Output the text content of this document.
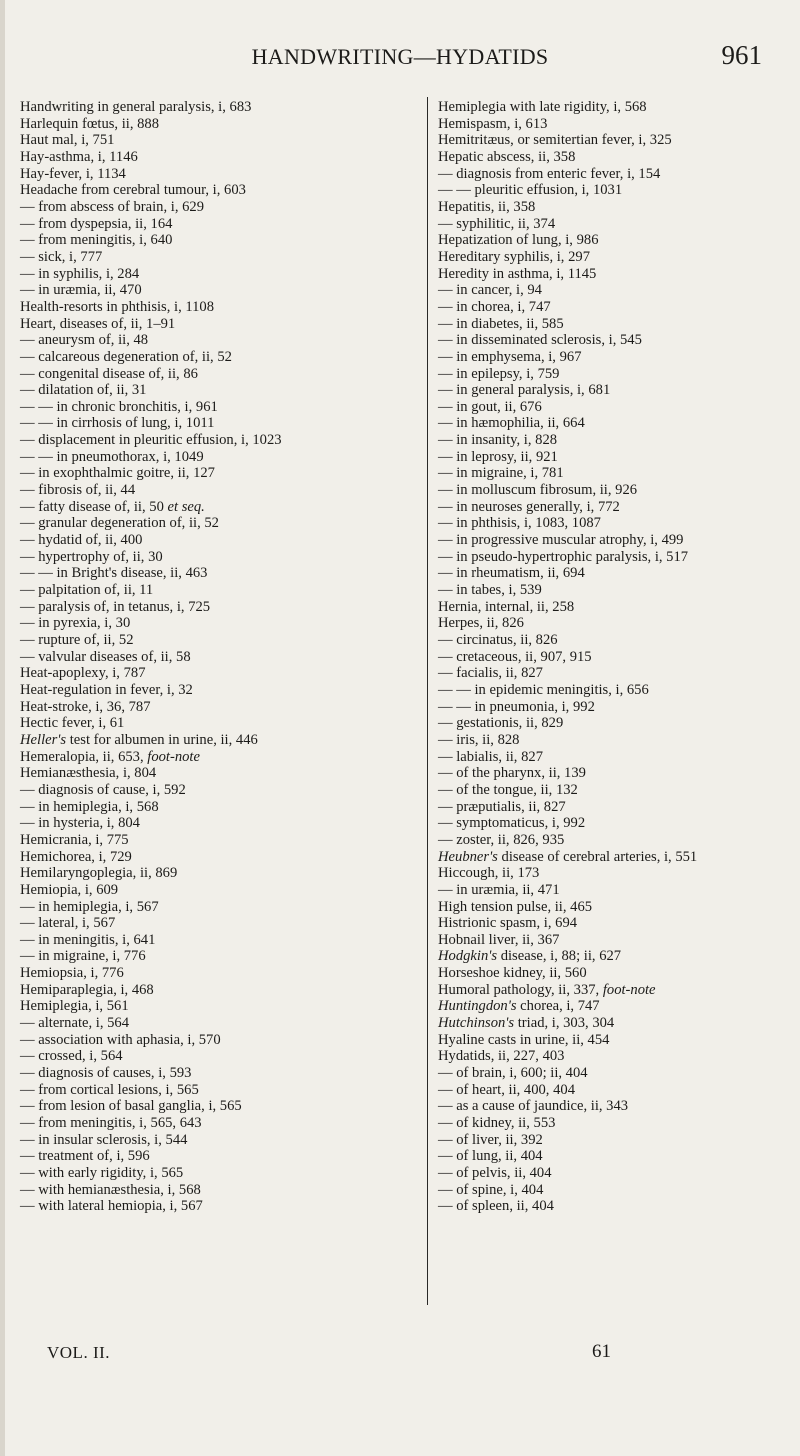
HANDWRITING—HYDATIDS	961
Handwriting in general paralysis, i, 683
Harlequin fœtus, ii, 888
Haut mal, i, 751
Hay-asthma, i, 1146
Hay-fever, i, 1134
Headache from cerebral tumour, i, 603
— from abscess of brain, i, 629
— from dyspepsia, ii, 164
— from meningitis, i, 640
— sick, i, 777
— in syphilis, i, 284
— in uræmia, ii, 470
Health-resorts in phthisis, i, 1108
Heart, diseases of, ii, 1–91
— aneurysm of, ii, 48
— calcareous degeneration of, ii, 52
— congenital disease of, ii, 86
— dilatation of, ii, 31
— — in chronic bronchitis, i, 961
— — in cirrhosis of lung, i, 1011
— displacement in pleuritic effusion, i, 1023
— — in pneumothorax, i, 1049
— in exophthalmic goitre, ii, 127
— fibrosis of, ii, 44
— fatty disease of, ii, 50 et seq.
— granular degeneration of, ii, 52
— hydatid of, ii, 400
— hypertrophy of, ii, 30
— — in Bright's disease, ii, 463
— palpitation of, ii, 11
— paralysis of, in tetanus, i, 725
— in pyrexia, i, 30
— rupture of, ii, 52
— valvular diseases of, ii, 58
Heat-apoplexy, i, 787
Heat-regulation in fever, i, 32
Heat-stroke, i, 36, 787
Hectic fever, i, 61
Heller's test for albumen in urine, ii, 446
Hemeralopia, ii, 653, foot-note
Hemianæsthesia, i, 804
— diagnosis of cause, i, 592
— in hemiplegia, i, 568
— in hysteria, i, 804
Hemicrania, i, 775
Hemichorea, i, 729
Hemilaryngoplegia, ii, 869
Hemiopia, i, 609
— in hemiplegia, i, 567
— lateral, i, 567
— in meningitis, i, 641
— in migraine, i, 776
Hemiopsia, i, 776
Hemiparaplegia, i, 468
Hemiplegia, i, 561
— alternate, i, 564
— association with aphasia, i, 570
— crossed, i, 564
— diagnosis of causes, i, 593
— from cortical lesions, i, 565
— from lesion of basal ganglia, i, 565
— from meningitis, i, 565, 643
— in insular sclerosis, i, 544
— treatment of, i, 596
— with early rigidity, i, 565
— with hemianæsthesia, i, 568
— with lateral hemiopia, i, 567
Hemiplegia with late rigidity, i, 568
Hemispasm, i, 613
Hemitritæus, or semitertian fever, i, 325
Hepatic abscess, ii, 358
— diagnosis from enteric fever, i, 154
— — pleuritic effusion, i, 1031
Hepatitis, ii, 358
— syphilitic, ii, 374
Hepatization of lung, i, 986
Hereditary syphilis, i, 297
Heredity in asthma, i, 1145
— in cancer, i, 94
— in chorea, i, 747
— in diabetes, ii, 585
— in disseminated sclerosis, i, 545
— in emphysema, i, 967
— in epilepsy, i, 759
— in general paralysis, i, 681
— in gout, ii, 676
— in hæmophilia, ii, 664
— in insanity, i, 828
— in leprosy, ii, 921
— in migraine, i, 781
— in molluscum fibrosum, ii, 926
— in neuroses generally, i, 772
— in phthisis, i, 1083, 1087
— in progressive muscular atrophy, i, 499
— in pseudo-hypertrophic paralysis, i, 517
— in rheumatism, ii, 694
— in tabes, i, 539
Hernia, internal, ii, 258
Herpes, ii, 826
— circinatus, ii, 826
— cretaceous, ii, 907, 915
— facialis, ii, 827
— — in epidemic meningitis, i, 656
— — in pneumonia, i, 992
— gestationis, ii, 829
— iris, ii, 828
— labialis, ii, 827
— of the pharynx, ii, 139
— of the tongue, ii, 132
— præputialis, ii, 827
— symptomaticus, i, 992
— zoster, ii, 826, 935
Heubner's disease of cerebral arteries, i, 551
Hiccough, ii, 173
— in uræmia, ii, 471
High tension pulse, ii, 465
Histrionic spasm, i, 694
Hobnail liver, ii, 367
Hodgkin's disease, i, 88; ii, 627
Horseshoe kidney, ii, 560
Humoral pathology, ii, 337, foot-note
Huntingdon's chorea, i, 747
Hutchinson's triad, i, 303, 304
Hyaline casts in urine, ii, 454
Hydatids, ii, 227, 403
— of brain, i, 600; ii, 404
— of heart, ii, 400, 404
— as a cause of jaundice, ii, 343
— of kidney, ii, 553
— of liver, ii, 392
— of lung, ii, 404
— of pelvis, ii, 404
— of spine, i, 404
— of spleen, ii, 404
VOL. II.	61
